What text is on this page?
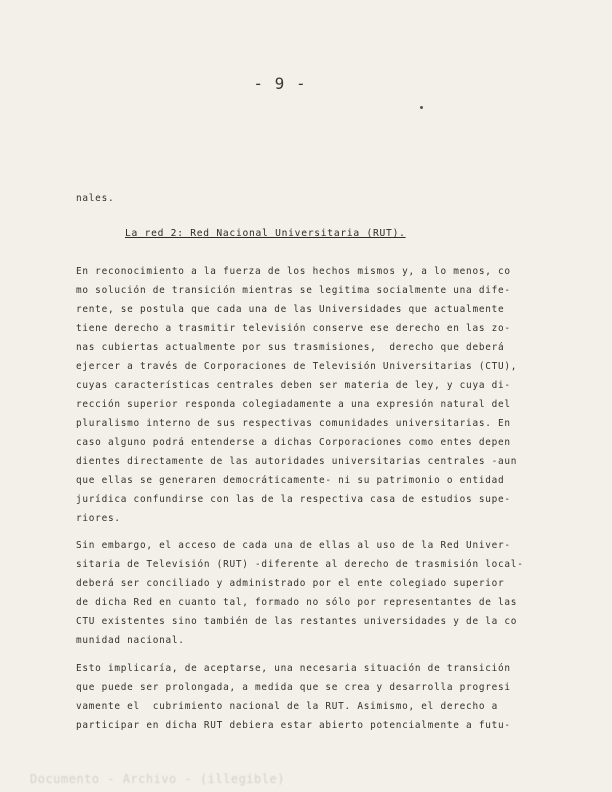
- 9 -
nales.
La red 2: Red Nacional Universitaria (RUT).
En reconocimiento a la fuerza de los hechos mismos y, a lo menos, co
mo solución de transición mientras se legitima socialmente una dife-
rente, se postula que cada una de las Universidades que actualmente
tiene derecho a trasmitir televisión conserve ese derecho en las zo-
nas cubiertas actualmente por sus trasmisiones,  derecho que deberá
ejercer a través de Corporaciones de Televisión Universitarias (CTU),
cuyas características centrales deben ser materia de ley, y cuya di-
rección superior responda colegiadamente a una expresión natural del
pluralismo interno de sus respectivas comunidades universitarias. En
caso alguno podrá entenderse a dichas Corporaciones como entes depen
dientes directamente de las autoridades universitarias centrales -aun
que ellas se generaren democráticamente- ni su patrimonio o entidad
jurídica confundirse con las de la respectiva casa de estudios supe-
riores.
Sin embargo, el acceso de cada una de ellas al uso de la Red Univer-
sitaria de Televisión (RUT) -diferente al derecho de trasmisión local-
deberá ser conciliado y administrado por el ente colegiado superior
de dicha Red en cuanto tal, formado no sólo por representantes de las
CTU existentes sino también de las restantes universidades y de la co
munidad nacional.
Esto implicaría, de aceptarse, una necesaria situación de transición
que puede ser prolongada, a medida que se crea y desarrolla progresi
vamente el  cubrimiento nacional de la RUT. Asimismo, el derecho a
participar en dicha RUT debiera estar abierto potencialmente a futu-
Documento - Archivo - (illegible)
